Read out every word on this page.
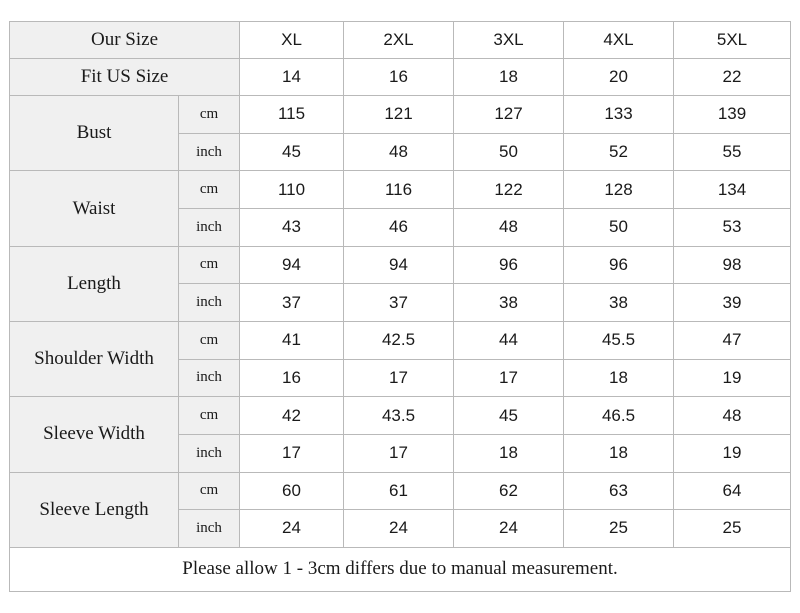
Our Size		XL	2XL	3XL	4XL	5XL
Fit US Size		14	16	18	20	22
Bust	cm	115	121	127	133	139
	inch	45	48	50	52	55
Waist	cm	110	116	122	128	134
	inch	43	46	48	50	53
Length	cm	94	94	96	96	98
	inch	37	37	38	38	39
Shoulder Width	cm	41	42.5	44	45.5	47
	inch	16	17	17	18	19
Sleeve Width	cm	42	43.5	45	46.5	48
	inch	17	17	18	18	19
Sleeve Length	cm	60	61	62	63	64
	inch	24	24	24	25	25
Please allow 1 - 3cm differs due to manual measurement.						
